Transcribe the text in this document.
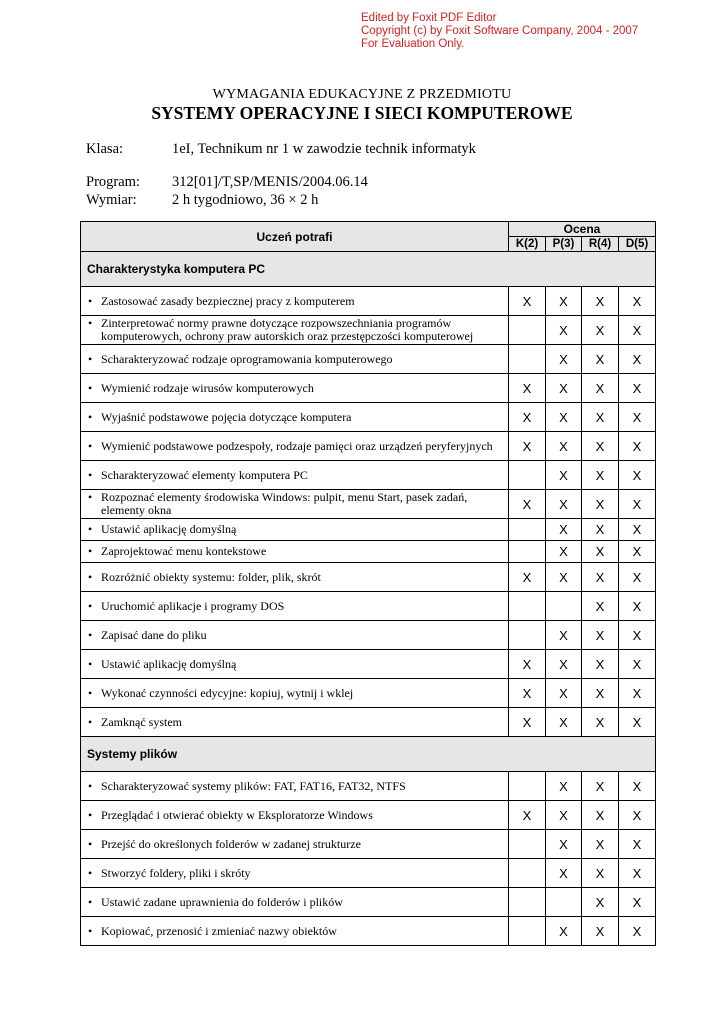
Edited by Foxit PDF Editor
Copyright (c) by Foxit Software Company, 2004 - 2007
For Evaluation Only.
WYMAGANIA EDUKACYJNE Z PRZEDMIOTU
SYSTEMY OPERACYJNE I SIECI KOMPUTEROWE
Klasa:	1eI, Technikum nr 1 w zawodzie technik informatyk
Program: 312[01]/T,SP/MENIS/2004.06.14
Wymiar: 2 h tygodniowo, 36 × 2 h
Uczeń potrafi	Ocena			
	K(2)	P(3)	R(4)	D(5)
Charakterystyka komputera PC				

• Zastosować zasady bezpiecznej pracy z komputerem	X	X	X	X

• Zinterpretować normy prawne dotyczące rozpowszechniania programów komputerowych, ochrony praw autorskich oraz przestępczości komputerowej		X	X	X

• Scharakteryzować rodzaje oprogramowania komputerowego		X	X	X

• Wymienić rodzaje wirusów komputerowych	X	X	X	X

• Wyjaśnić podstawowe pojęcia dotyczące komputera	X	X	X	X

• Wymienić podstawowe podzespoły, rodzaje pamięci oraz urządzeń peryferyjnych	X	X	X	X

• Scharakteryzować elementy komputera PC		X	X	X

• Rozpoznać elementy środowiska Windows: pulpit, menu Start, pasek zadań, elementy okna	X	X	X	X

• Ustawić aplikację domyślną		X	X	X

• Zaprojektować menu kontekstowe		X	X	X

• Rozróżnić obiekty systemu: folder, plik, skrót	X	X	X	X

• Uruchomić aplikacje i programy DOS			X	X

• Zapisać dane do pliku		X	X	X

• Ustawić aplikację domyślną	X	X	X	X

• Wykonać czynności edycyjne: kopiuj, wytnij i wklej	X	X	X	X

• Zamknąć system	X	X	X	X
Systemy plików				

• Scharakteryzować systemy plików: FAT, FAT16, FAT32, NTFS		X	X	X

• Przeglądać i otwierać obiekty w Eksploratorze Windows	X	X	X	X

• Przejść do określonych folderów w zadanej strukturze		X	X	X

• Stworzyć foldery, pliki i skróty		X	X	X

• Ustawić zadane uprawnienia do folderów i plików			X	X

• Kopiować, przenosić i zmieniać nazwy obiektów		X	X	X
